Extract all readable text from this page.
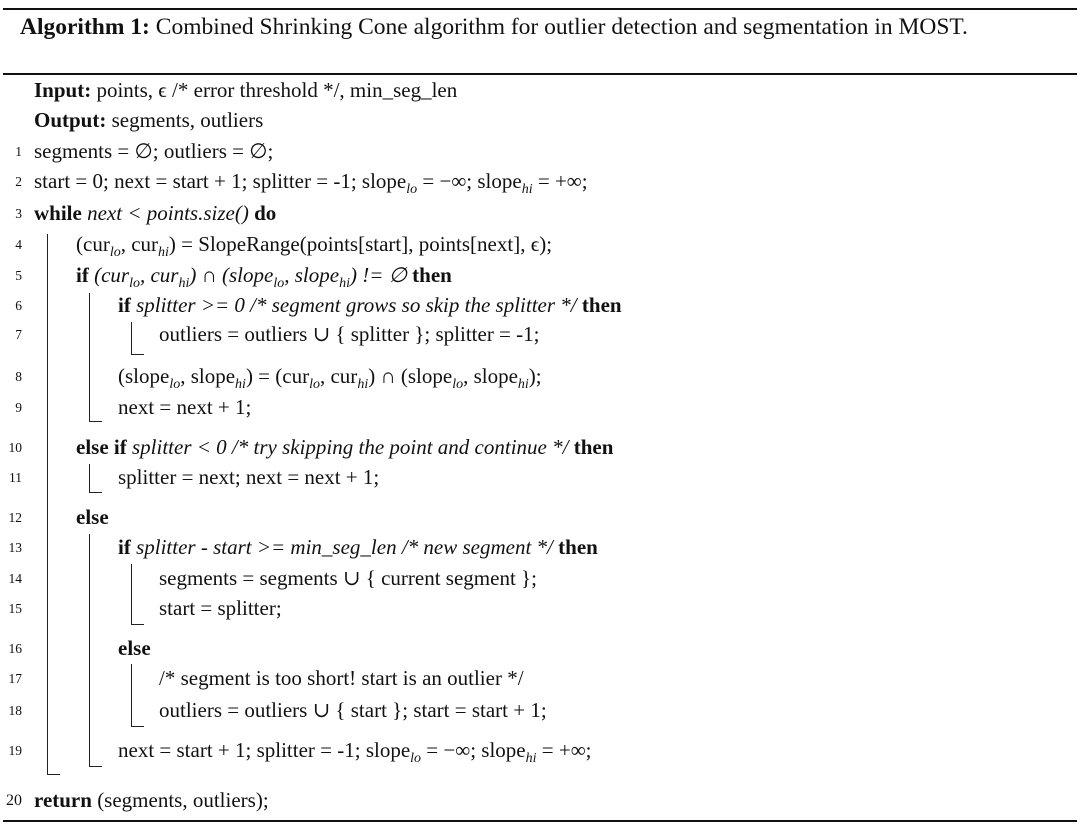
Algorithm 1: Combined Shrinking Cone algorithm for outlier detection and segmentation in MOST.
Input: points, ϵ /* error threshold */, min_seg_len
Output: segments, outliers
1
2
3
4
5
6
7
8
9
10
11
12
13
14
15
16
17
18
19
20
segments = ∅; outliers = ∅;
start = 0; next = start + 1; splitter = -1; slope$_{lo}$ = −∞; slope$_{hi}$ = +∞;
while next < points.size() do
(cur$_{lo}$, cur$_{hi}$) = SlopeRange(points[start], points[next], ϵ);
if (cur$_{lo}$, cur$_{hi}$) ∩ (slope$_{lo}$, slope$_{hi}$) != ∅ then
if splitter >= 0 /* segment grows so skip the splitter */ then
outliers = outliers ∪ { splitter }; splitter = -1;
(slope$_{lo}$, slope$_{hi}$) = (cur$_{lo}$, cur$_{hi}$) ∩ (slope$_{lo}$, slope$_{hi}$);
next = next + 1;
else if splitter < 0 /* try skipping the point and continue */ then
splitter = next; next = next + 1;
else
if splitter - start >= min_seg_len /* new segment */ then
segments = segments ∪ { current segment };
start = splitter;
else
/* segment is too short! start is an outlier */
outliers = outliers ∪ { start }; start = start + 1;
next = start + 1; splitter = -1; slope$_{lo}$ = −∞; slope$_{hi}$ = +∞;
return (segments, outliers);
